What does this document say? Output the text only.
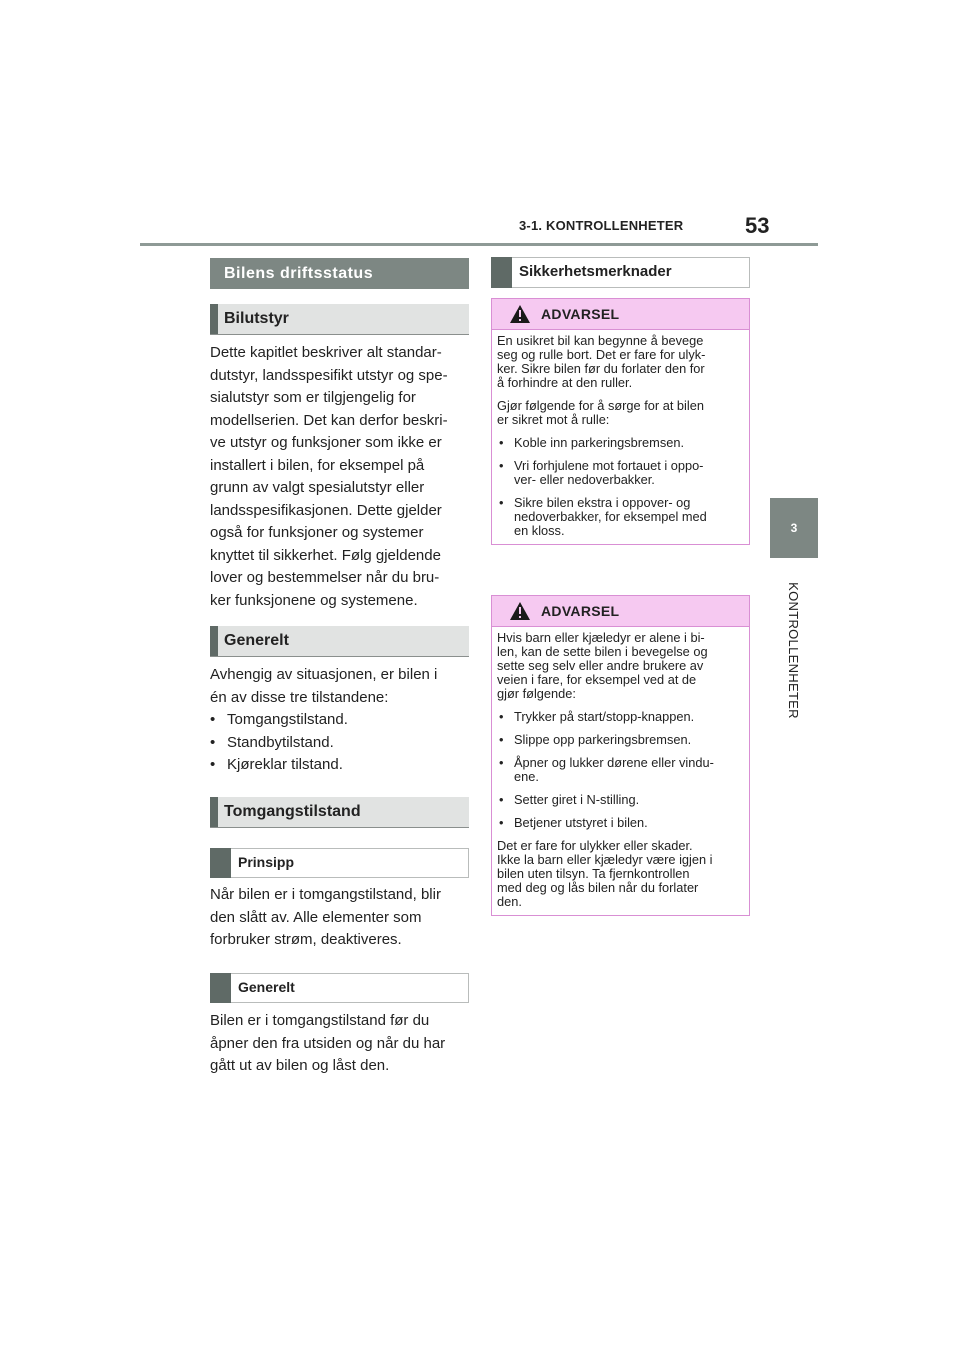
3-1. KONTROLLENHETER	53
3
KONTROLLENHETER
Bilens driftsstatus
Bilutstyr

Dette kapitlet beskriver alt standar-

dutstyr, landsspesifikt utstyr og spe-

sialutstyr som er tilgjengelig for

modellserien. Det kan derfor beskri-

ve utstyr og funksjoner som ikke er

installert i bilen, for eksempel på

grunn av valgt spesialutstyr eller

landsspesifikasjonen. Dette gjelder

også for funksjoner og systemer

knyttet til sikkerhet. Følg gjeldende

lover og bestemmelser når du bru-

ker funksjonene og systemene.

Generelt

Avhengig av situasjonen, er bilen i

én av disse tre tilstandene:

• Tomgangstilstand.
• Standbytilstand.
• Kjøreklar tilstand.
Tomgangstilstand
Prinsipp

Når bilen er i tomgangstilstand, blir

den slått av. Alle elementer som

forbruker strøm, deaktiveres.

Generelt

Bilen er i tomgangstilstand før du

åpner den fra utsiden og når du har

gått ut av bilen og låst den.

Sikkerhetsmerknader
ADVARSEL

En usikret bil kan begynne å bevege
seg og rulle bort. Det er fare for ulyk-
ker. Sikre bilen før du forlater den for
å forhindre at den ruller.

Gjør følgende for å sørge for at bilen
er sikret mot å rulle:

• Koble inn parkeringsbremsen.
• Vri forhjulene mot fortauet i oppo-
ver- eller nedoverbakker.
• Sikre bilen ekstra i oppover- og
nedoverbakker, for eksempel med
en kloss.
ADVARSEL

Hvis barn eller kjæledyr er alene i bi-
len, kan de sette bilen i bevegelse og
sette seg selv eller andre brukere av
veien i fare, for eksempel ved at de
gjør følgende:

• Trykker på start/stopp-knappen.
• Slippe opp parkeringsbremsen.
• Åpner og lukker dørene eller vindu-
ene.
• Setter giret i N-stilling.
• Betjener utstyret i bilen.

Det er fare for ulykker eller skader.
Ikke la barn eller kjæledyr være igjen i
bilen uten tilsyn. Ta fjernkontrollen
med deg og lås bilen når du forlater
den.
